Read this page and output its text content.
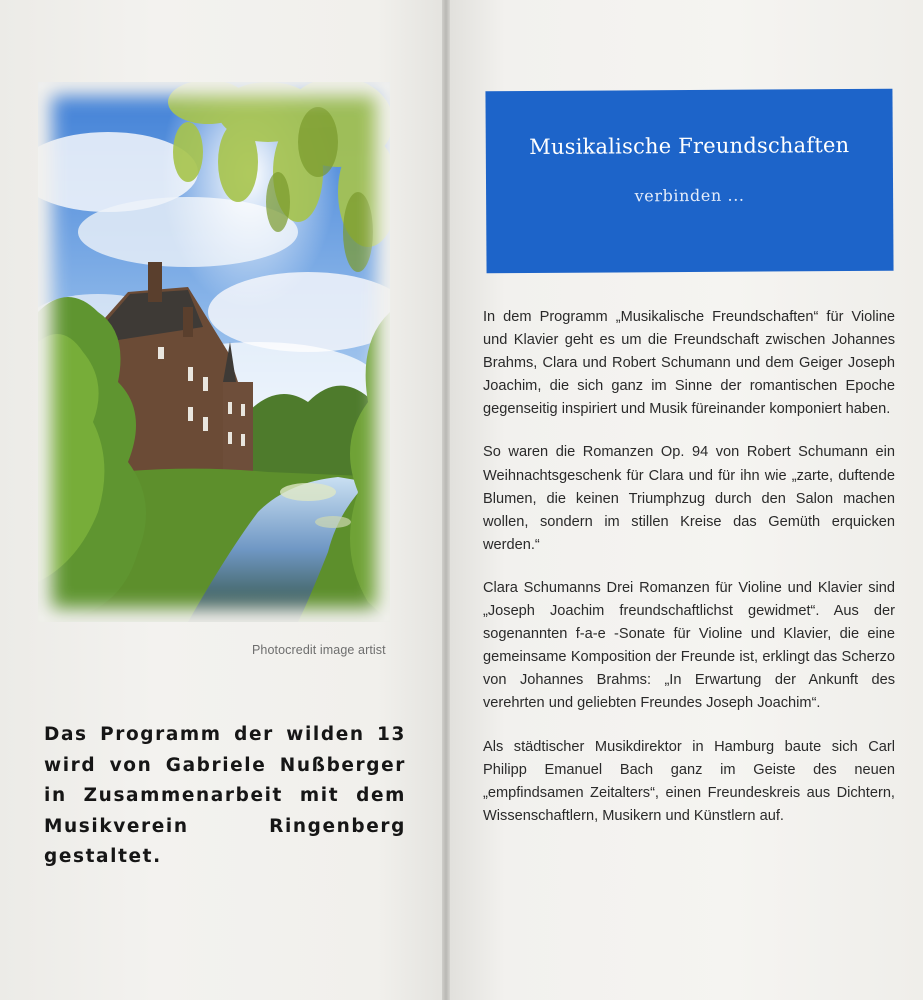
Photocredit image artist
Das Programm der wilden 13 wird von Gabriele Nußberger in Zusammenarbeit mit dem Musikverein Ringenberg gestaltet.
Musikalische Freundschaften
verbinden ...

In dem Programm „Musikalische Freundschaften“ für Violine und Klavier geht es um die Freundschaft zwischen Johannes Brahms, Clara und Robert Schumann und dem Geiger Joseph Joachim, die sich ganz im Sinne der romantischen Epoche gegenseitig inspiriert und Musik füreinander komponiert haben.

So waren die Romanzen Op. 94 von Robert Schumann ein Weihnachtsgeschenk für Clara und für ihn wie „zarte, duftende Blumen, die keinen Triumphzug durch den Salon machen wollen, sondern im stillen Kreise das Gemüth erquicken werden.“

Clara Schumanns Drei Romanzen für Violine und Klavier sind „Joseph Joachim freundschaftlichst gewidmet“. Aus der sogenannten f-a-e -Sonate für Violine und Klavier, die eine gemeinsame Komposition der Freunde ist, erklingt das Scherzo von Johannes Brahms: „In Erwartung der Ankunft des verehrten und geliebten Freundes Joseph Joachim“.

Als städtischer Musikdirektor in Hamburg baute sich Carl Philipp Emanuel Bach ganz im Geiste des neuen „empfindsamen Zeitalters“, einen Freundeskreis aus Dichtern, Wissenschaftlern, Musikern und Künstlern auf.
